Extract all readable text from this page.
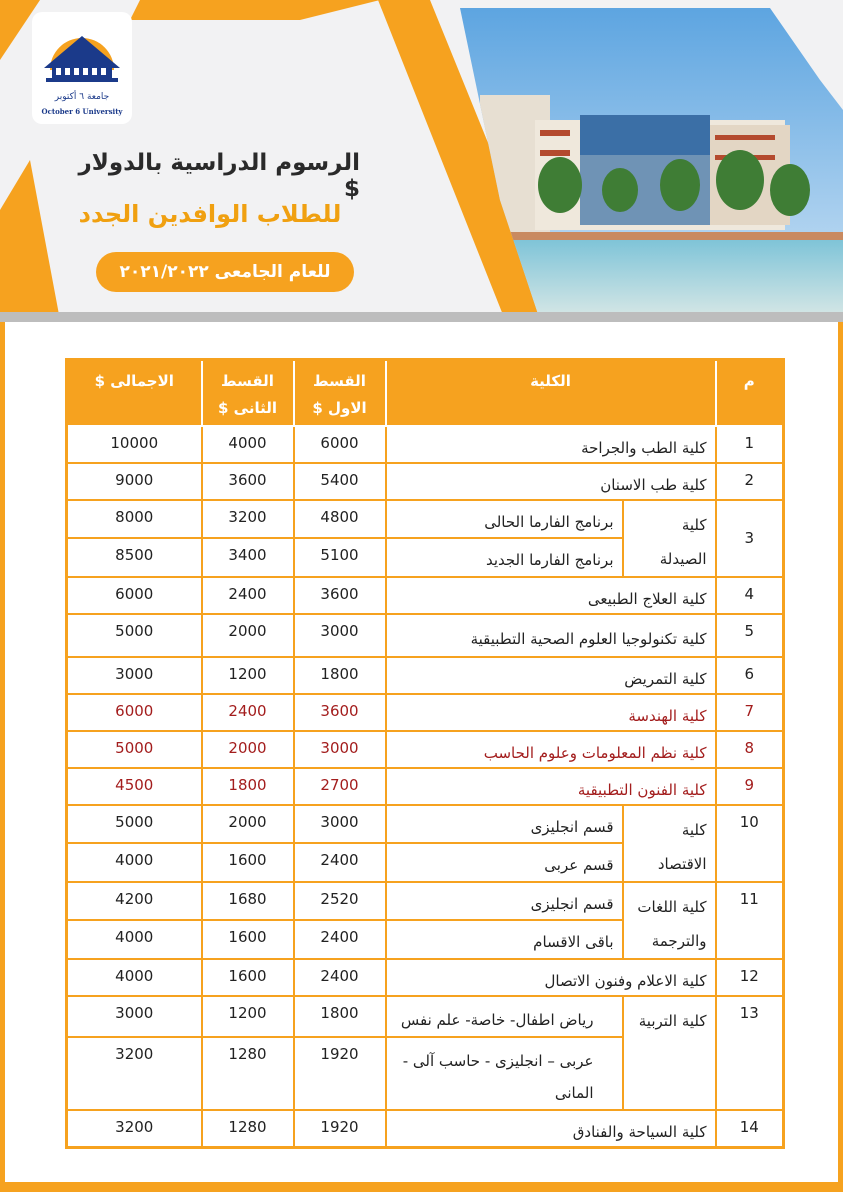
جامعة ٦ أكتوبر
October 6 University
الرسوم الدراسية بالدولار $
للطلاب الوافدين الجدد
للعام الجامعى ٢٠٢١/٢٠٢٢
م	الكلية		القسط الاول $	القسط الثانى $	الاجمالى $
1	كلية الطب والجراحة		6000	4000	10000
2	كلية طب الاسنان		5400	3600	9000
3	كلية الصيدلة	برنامج الفارما الحالى	4800	3200	8000
		برنامج الفارما الجديد	5100	3400	8500
4	كلية العلاج الطبيعى		3600	2400	6000
5	كلية تكنولوجيا العلوم الصحية التطبيقية		3000	2000	5000
6	كلية التمريض		1800	1200	3000
7	كلية الهندسة		3600	2400	6000
8	كلية نظم المعلومات وعلوم الحاسب		3000	2000	5000
9	كلية الفنون التطبيقية		2700	1800	4500
10	كلية الاقتصاد	قسم انجليزى	3000	2000	5000
		قسم عربى	2400	1600	4000
11	كلية اللغات والترجمة	قسم انجليزى	2520	1680	4200
		باقى الاقسام	2400	1600	4000
12	كلية الاعلام وفنون الاتصال		2400	1600	4000
13	كلية التربية	رياض اطفال- خاصة- علم نفس	1800	1200	3000
		عربى – انجليزى - حاسب آلى - المانى	1920	1280	3200
14	كلية السياحة والفنادق		1920	1280	3200
